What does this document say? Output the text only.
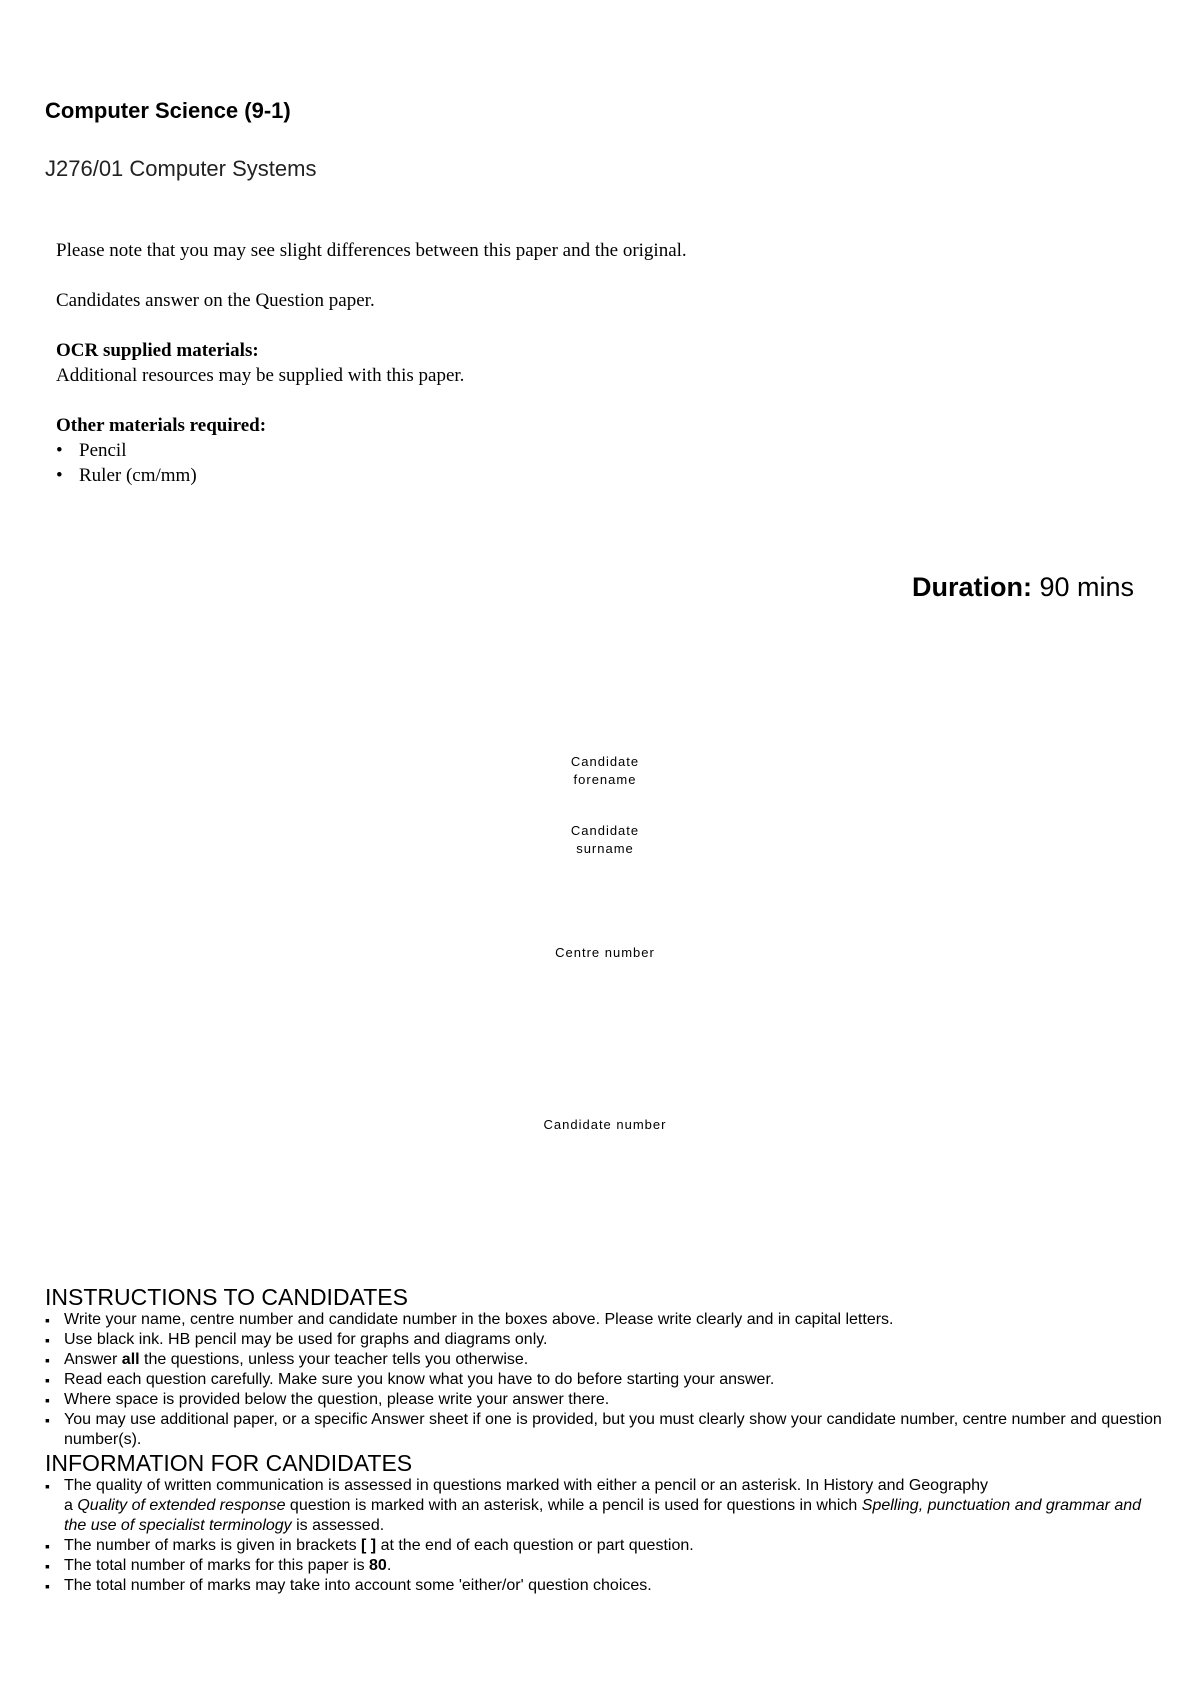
Computer Science (9-1)
J276/01 Computer Systems

Please note that you may see slight differences between this paper and the original.

Candidates answer on the Question paper.

OCR supplied materials:

Additional resources may be supplied with this paper.

Other materials required:

• Pencil
• Ruler (cm/mm)
Duration: 90 mins
Candidate forename
Candidate surname
Centre number
Candidate number
INSTRUCTIONS TO CANDIDATES
▪ Write your name, centre number and candidate number in the boxes above. Please write clearly and in capital letters.
▪ Use black ink. HB pencil may be used for graphs and diagrams only.
▪ Answer all the questions, unless your teacher tells you otherwise.
▪ Read each question carefully. Make sure you know what you have to do before starting your answer.
▪ Where space is provided below the question, please write your answer there.
▪ You may use additional paper, or a specific Answer sheet if one is provided, but you must clearly show your candidate number, centre number and question number(s).
INFORMATION FOR CANDIDATES
▪ The quality of written communication is assessed in questions marked with either a pencil or an asterisk. In History and Geography
a Quality of extended response question is marked with an asterisk, while a pencil is used for questions in which Spelling, punctuation and grammar and the use of specialist terminology is assessed.
▪ The number of marks is given in brackets [ ] at the end of each question or part question.
▪ The total number of marks for this paper is 80.
▪ The total number of marks may take into account some 'either/or' question choices.
